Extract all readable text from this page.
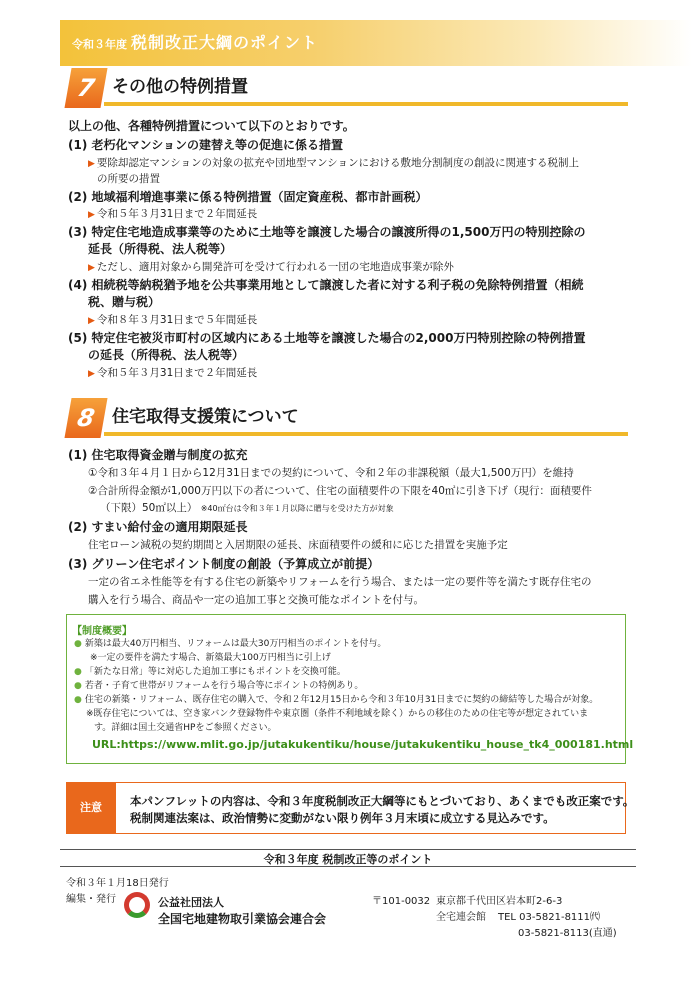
令和３年度 税制改正大綱のポイント
7 その他の特例措置
以上の他、各種特例措置について以下のとおりです。
(1) 老朽化マンションの建替え等の促進に係る措置
▶ 要除却認定マンションの対象の拡充や団地型マンションにおける敷地分割制度の創設に関連する税制上
の所要の措置
(2) 地域福利増進事業に係る特例措置（固定資産税、都市計画税）
▶ 令和５年３月31日まで２年間延長
(3) 特定住宅地造成事業等のために土地等を譲渡した場合の譲渡所得の1,500万円の特別控除の
延長（所得税、法人税等）
▶ ただし、適用対象から開発許可を受けて行われる一団の宅地造成事業が除外
(4) 相続税等納税猶予地を公共事業用地として譲渡した者に対する利子税の免除特例措置（相続
税、贈与税）
▶ 令和８年３月31日まで５年間延長
(5) 特定住宅被災市町村の区域内にある土地等を譲渡した場合の2,000万円特別控除の特例措置
の延長（所得税、法人税等）
▶ 令和５年３月31日まで２年間延長
8 住宅取得支援策について
(1) 住宅取得資金贈与制度の拡充
①令和３年４月１日から12月31日までの契約について、令和２年の非課税額（最大1,500万円）を維持
②合計所得金額が1,000万円以下の者について、住宅の面積要件の下限を40㎡に引き下げ（現行：面積要件
（下限）50㎡以上） ※40㎡台は令和３年１月以降に贈与を受けた方が対象
(2) すまい給付金の適用期限延長
住宅ローン減税の契約期間と入居期限の延長、床面積要件の緩和に応じた措置を実施予定
(3) グリーン住宅ポイント制度の創設（予算成立が前提）
一定の省エネ性能等を有する住宅の新築やリフォームを行う場合、または一定の要件等を満たす既存住宅の
購入を行う場合、商品や一定の追加工事と交換可能なポイントを付与。
【制度概要】
● 新築は最大40万円相当、リフォームは最大30万円相当のポイントを付与。
※一定の要件を満たす場合、新築最大100万円相当に引上げ
● 「新たな日常」等に対応した追加工事にもポイントを交換可能。
● 若者・子育て世帯がリフォームを行う場合等にポイントの特例あり。
● 住宅の新築・リフォーム、既存住宅の購入で、令和２年12月15日から令和３年10月31日までに契約の締結等した場合が対象。
※既存住宅については、空き家バンク登録物件や東京圏（条件不利地域を除く）からの移住のための住宅等が想定されていま
す。詳細は国土交通省HPをご参照ください。
URL:https://www.mlit.go.jp/jutakukentiku/house/jutakukentiku_house_tk4_000181.html
注意	本パンフレットの内容は、令和３年度税制改正大綱等にもとづいており、あくまでも改正案です。
税制関連法案は、政治情勢に変動がない限り例年３月末頃に成立する見込みです。
令和３年度 税制改正等のポイント
令和３年１月18日発行
編集・発行	公益社団法人
全国宅地建物取引業協会連合会
〒101-0032 東京都千代田区岩本町2-6-3
全宅連会館 TEL 03-5821-8111㈹
03-5821-8113(直通)
